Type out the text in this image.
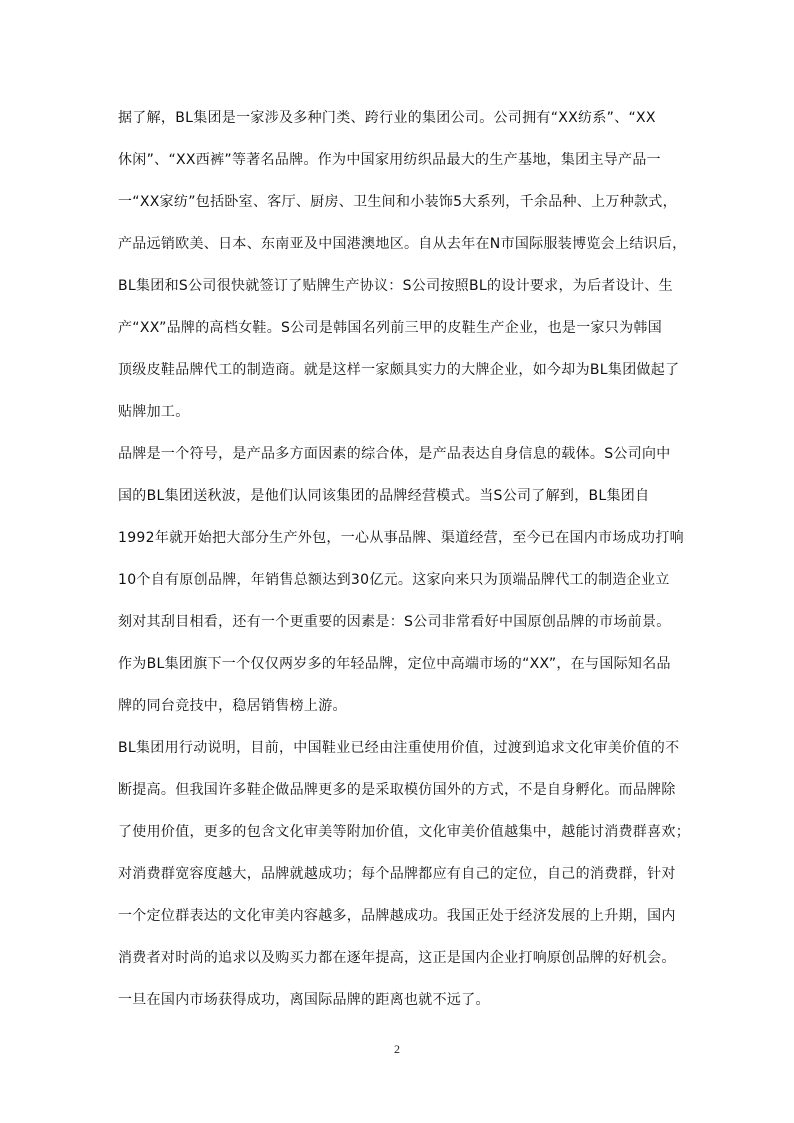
据了解，BL集团是一家涉及多种门类、跨行业的集团公司。公司拥有“XX纺系”、“XX
休闲”、“XX西裤”等著名品牌。作为中国家用纺织品最大的生产基地，集团主导产品一
一“XX家纺”包括卧室、客厅、厨房、卫生间和小装饰5大系列，千余品种、上万种款式，
产品远销欧美、日本、东南亚及中国港澳地区。自从去年在N市国际服装博览会上结识后，
BL集团和S公司很快就签订了贴牌生产协议：S公司按照BL的设计要求，为后者设计、生
产“XX”品牌的高档女鞋。S公司是韩国名列前三甲的皮鞋生产企业，也是一家只为韩国
顶级皮鞋品牌代工的制造商。就是这样一家颇具实力的大牌企业，如今却为BL集团做起了
贴牌加工。
品牌是一个符号，是产品多方面因素的综合体，是产品表达自身信息的载体。S公司向中
国的BL集团送秋波，是他们认同该集团的品牌经营模式。当S公司了解到，BL集团自
1992年就开始把大部分生产外包，一心从事品牌、渠道经营，至今已在国内市场成功打响
10个自有原创品牌，年销售总额达到30亿元。这家向来只为顶端品牌代工的制造企业立
刻对其刮目相看，还有一个更重要的因素是：S公司非常看好中国原创品牌的市场前景。
作为BL集团旗下一个仅仅两岁多的年轻品牌，定位中高端市场的“XX”，在与国际知名品
牌的同台竞技中，稳居销售榜上游。
BL集团用行动说明，目前，中国鞋业已经由注重使用价值，过渡到追求文化审美价值的不
断提高。但我国许多鞋企做品牌更多的是采取模仿国外的方式，不是自身孵化。而品牌除
了使用价值，更多的包含文化审美等附加价值，文化审美价值越集中，越能讨消费群喜欢；
对消费群宽容度越大，品牌就越成功；每个品牌都应有自己的定位，自己的消费群，针对
一个定位群表达的文化审美内容越多，品牌越成功。我国正处于经济发展的上升期，国内
消费者对时尚的追求以及购买力都在逐年提高，这正是国内企业打响原创品牌的好机会。
一旦在国内市场获得成功，离国际品牌的距离也就不远了。
2
